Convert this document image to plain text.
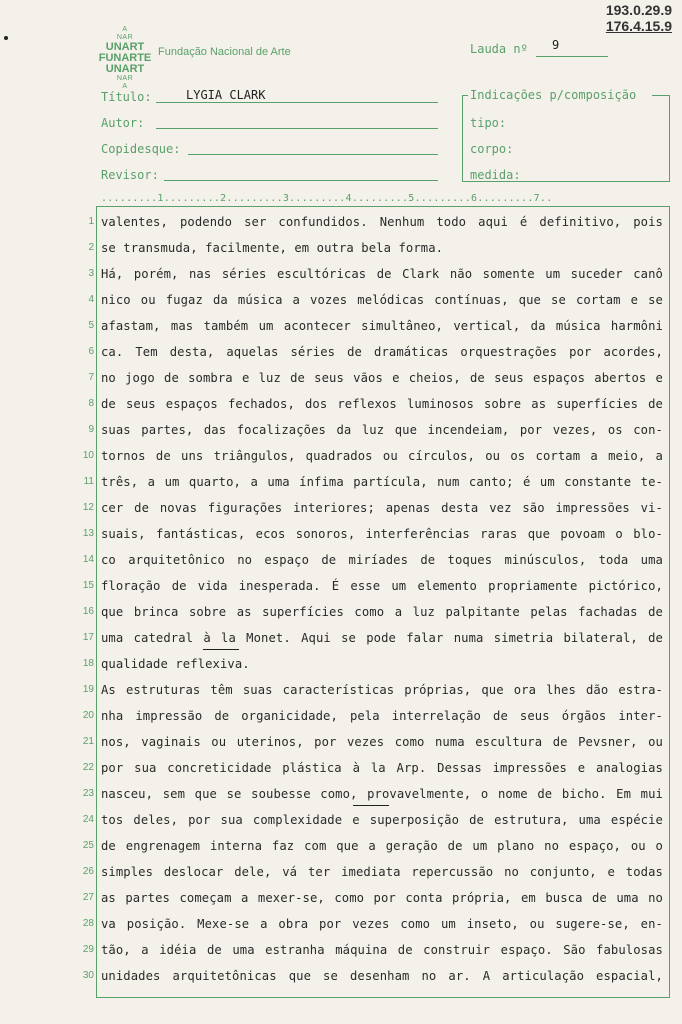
A
NAR
UNART
FUNARTE
UNART
NAR
A
Fundação Nacional de Arte
193.0.29.9
176.4.15.9
Lauda nº 9
Título:	LYGIA CLARK
Autor:
Copidesque:
Revisor:
Indicações p/composição
tipo:
corpo:
medida:
.........1.........2.........3.........4.........5.........6.........7..
1 valentes, podendo ser confundidos. Nenhum todo aqui é definitivo, pois
2 se transmuda, facilmente, em outra bela forma.
3 Há, porém, nas séries escultóricas de Clark não somente um suceder canô
4 nico ou fugaz da música a vozes melódicas contínuas, que se cortam e se
5 afastam, mas também um acontecer simultâneo, vertical, da música harmôni
6 ca. Tem desta, aquelas séries de dramáticas orquestrações por acordes,
7 no jogo de sombra e luz de seus vãos e cheios, de seus espaços abertos e
8 de seus espaços fechados, dos reflexos luminosos sobre as superfícies de
9 suas partes, das focalizações da luz que incendeiam, por vezes, os con-
10 tornos de uns triângulos, quadrados ou círculos, ou os cortam a meio, a
11 três, a um quarto, a uma ínfima partícula, num canto; é um constante te-
12 cer de novas figurações interiores; apenas desta vez são impressões vi-
13 suais, fantásticas, ecos sonoros, interferências raras que povoam o blo-
14 co arquitetônico no espaço de miríades de toques minúsculos, toda uma
15 floração de vida inesperada. É esse um elemento propriamente pictórico,
16 que brinca sobre as superfícies como a luz palpitante pelas fachadas de
17 uma catedral à la Monet. Aqui se pode falar numa simetria bilateral, de
18 qualidade reflexiva.
19 As estruturas têm suas características próprias, que ora lhes dão estra-
20 nha impressão de organicidade, pela interrelação de seus órgãos inter-
21 nos, vaginais ou uterinos, por vezes como numa escultura de Pevsner, ou
22 por sua concreticidade plástica à la Arp. Dessas impressões e analogias
23 nasceu, sem que se soubesse como, provavelmente, o nome de bicho. Em mui
24 tos deles, por sua complexidade e superposição de estrutura, uma espécie
25 de engrenagem interna faz com que a geração de um plano no espaço, ou o
26 simples deslocar dele, vá ter imediata repercussão no conjunto, e todas
27 as partes começam a mexer-se, como por conta própria, em busca de uma no
28 va posição. Mexe-se a obra por vezes como um inseto, ou sugere-se, en-
29 tão, a idéia de uma estranha máquina de construir espaço. São fabulosas
30 unidades arquitetônicas que se desenham no ar. A articulação espacial,
